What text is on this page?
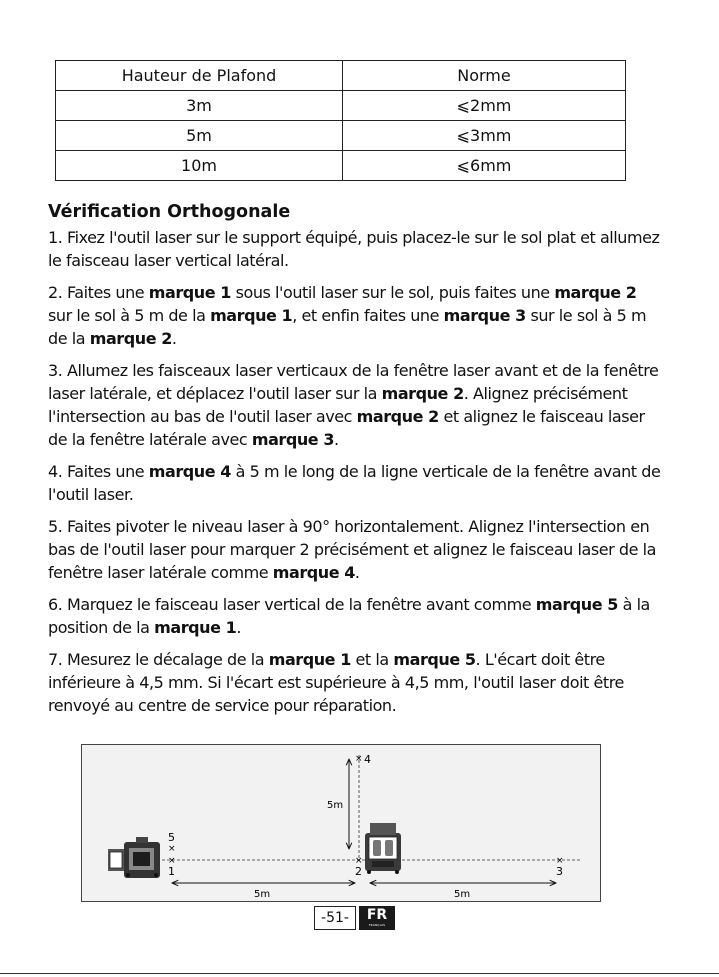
Hauteur de Plafond	Norme
3m	⩽2mm
5m	⩽3mm
10m	⩽6mm
Vérification Orthogonale

1. Fixez l'outil laser sur le support équipé, puis placez-le sur le sol plat et allumez le faisceau laser vertical latéral.

2. Faites une marque 1 sous l'outil laser sur le sol, puis faites une marque 2 sur le sol à 5 m de la marque 1, et enfin faites une marque 3 sur le sol à 5 m de la marque 2.

3. Allumez les faisceaux laser verticaux de la fenêtre laser avant et de la fenêtre laser latérale, et déplacez l'outil laser sur la marque 2. Alignez précisément l'intersection au bas de l'outil laser avec marque 2 et alignez le faisceau laser de la fenêtre latérale avec marque 3.

4. Faites une marque 4 à 5 m le long de la ligne verticale de la fenêtre avant de l'outil laser.

5. Faites pivoter le niveau laser à 90° horizontalement. Alignez l'intersection en bas de l'outil laser pour marquer 2 précisément et alignez le faisceau laser de la fenêtre laser latérale comme marque 4.

6. Marquez le faisceau laser vertical de la fenêtre avant comme marque 5 à la position de la marque 1.

7. Mesurez le décalage de la marque 1 et la marque 5. L'écart doit être inférieure à 4,5 mm. Si l'écart est supérieure à 4,5 mm, l'outil laser doit être renvoyé au centre de service pour réparation.

5m
×
×	×	×
×
1	2	3
4
5
5m	5m
-51-	FR
FRANÇAIS
